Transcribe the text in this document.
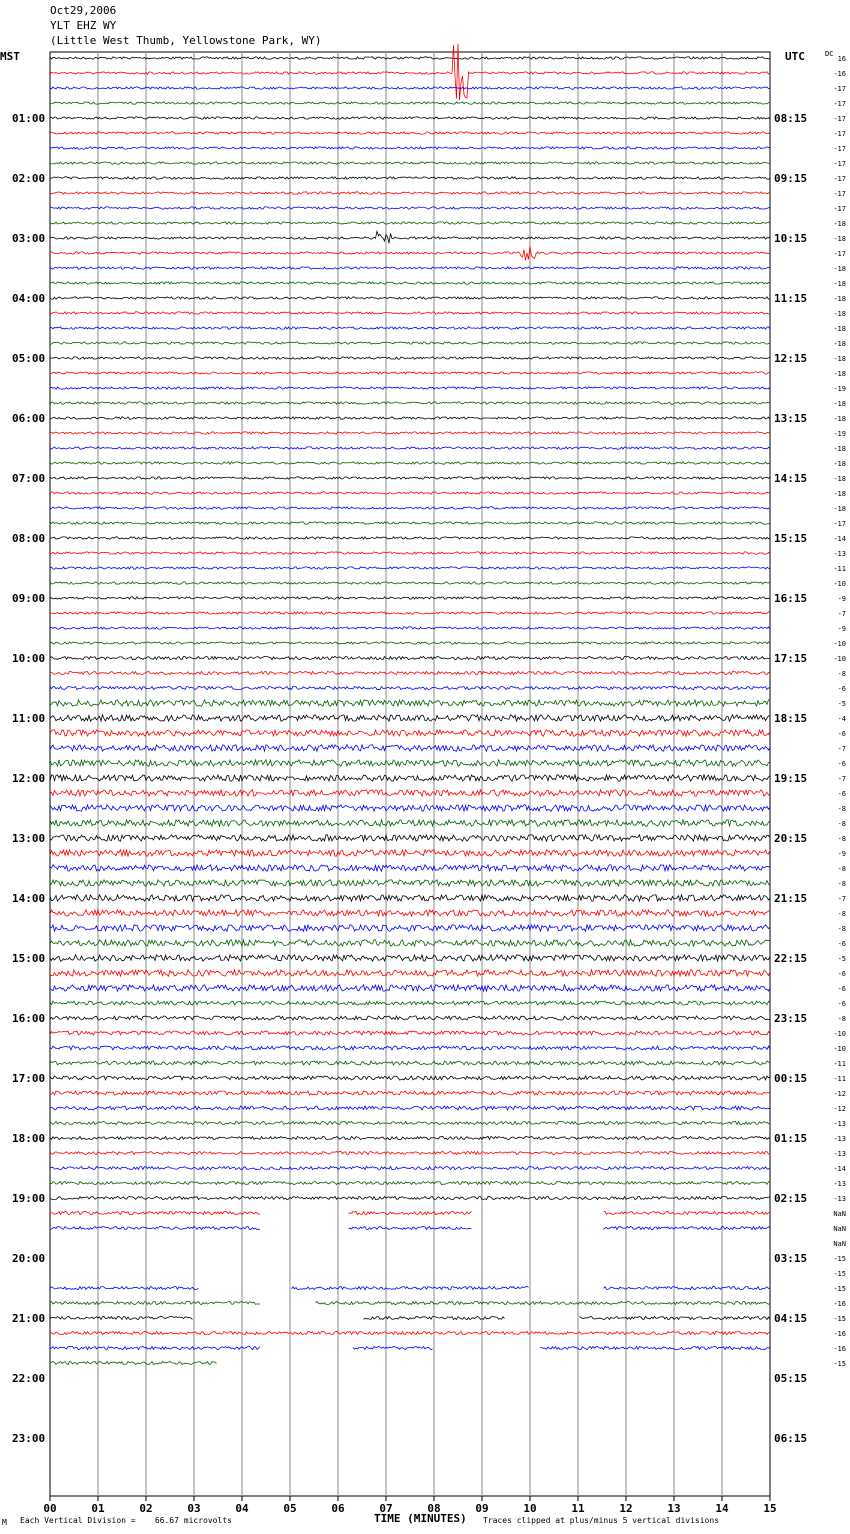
00	01	02	03	04	05	06	07	08	09	10	11	12	13	14	15
01:00	08:15
02:00	09:15
03:00	10:15
04:00	11:15
05:00	12:15
06:00	13:15
07:00	14:15
08:00	15:15
09:00	16:15
10:00	17:15
11:00	18:15
12:00	19:15
13:00	20:15
14:00	21:15
15:00	22:15
16:00	23:15
17:00	00:15
18:00	01:15
19:00	02:15
20:00	03:15
21:00	04:15
22:00	05:15
23:00	06:15
16
-16
-17
-17
-17
-17
-17
-17
-17
-17
-17
-18
-18
-17
-18
-18
-18
-18
-18
-18
-18
-18
-19
-18
-18
-19
-18
-18
-18
-18
-18
-17
-14
-13
-11
-10
-9
-7
-9
-10
-10
-8
-6
-5
-4
-6
-7
-6
-7
-6
-8
-8
-8
-9
-8
-8
-7
-8
-8
-6
-5
-6
-6
-6
-8
-10
-10
-11
-11
-12
-12
-13
-13
-13
-14
-13
-13
NaN
NaN
NaN
-15
-15
-15
-16
-15
-16
-16
-15
Oct29,2006
YLT EHZ WY
(Little West Thumb, Yellowstone Park, WY)
MST	UTC	DC
M Each Vertical Division =    66.67 microvolts	Traces clipped at plus/minus 5 vertical divisions
TIME (MINUTES)
